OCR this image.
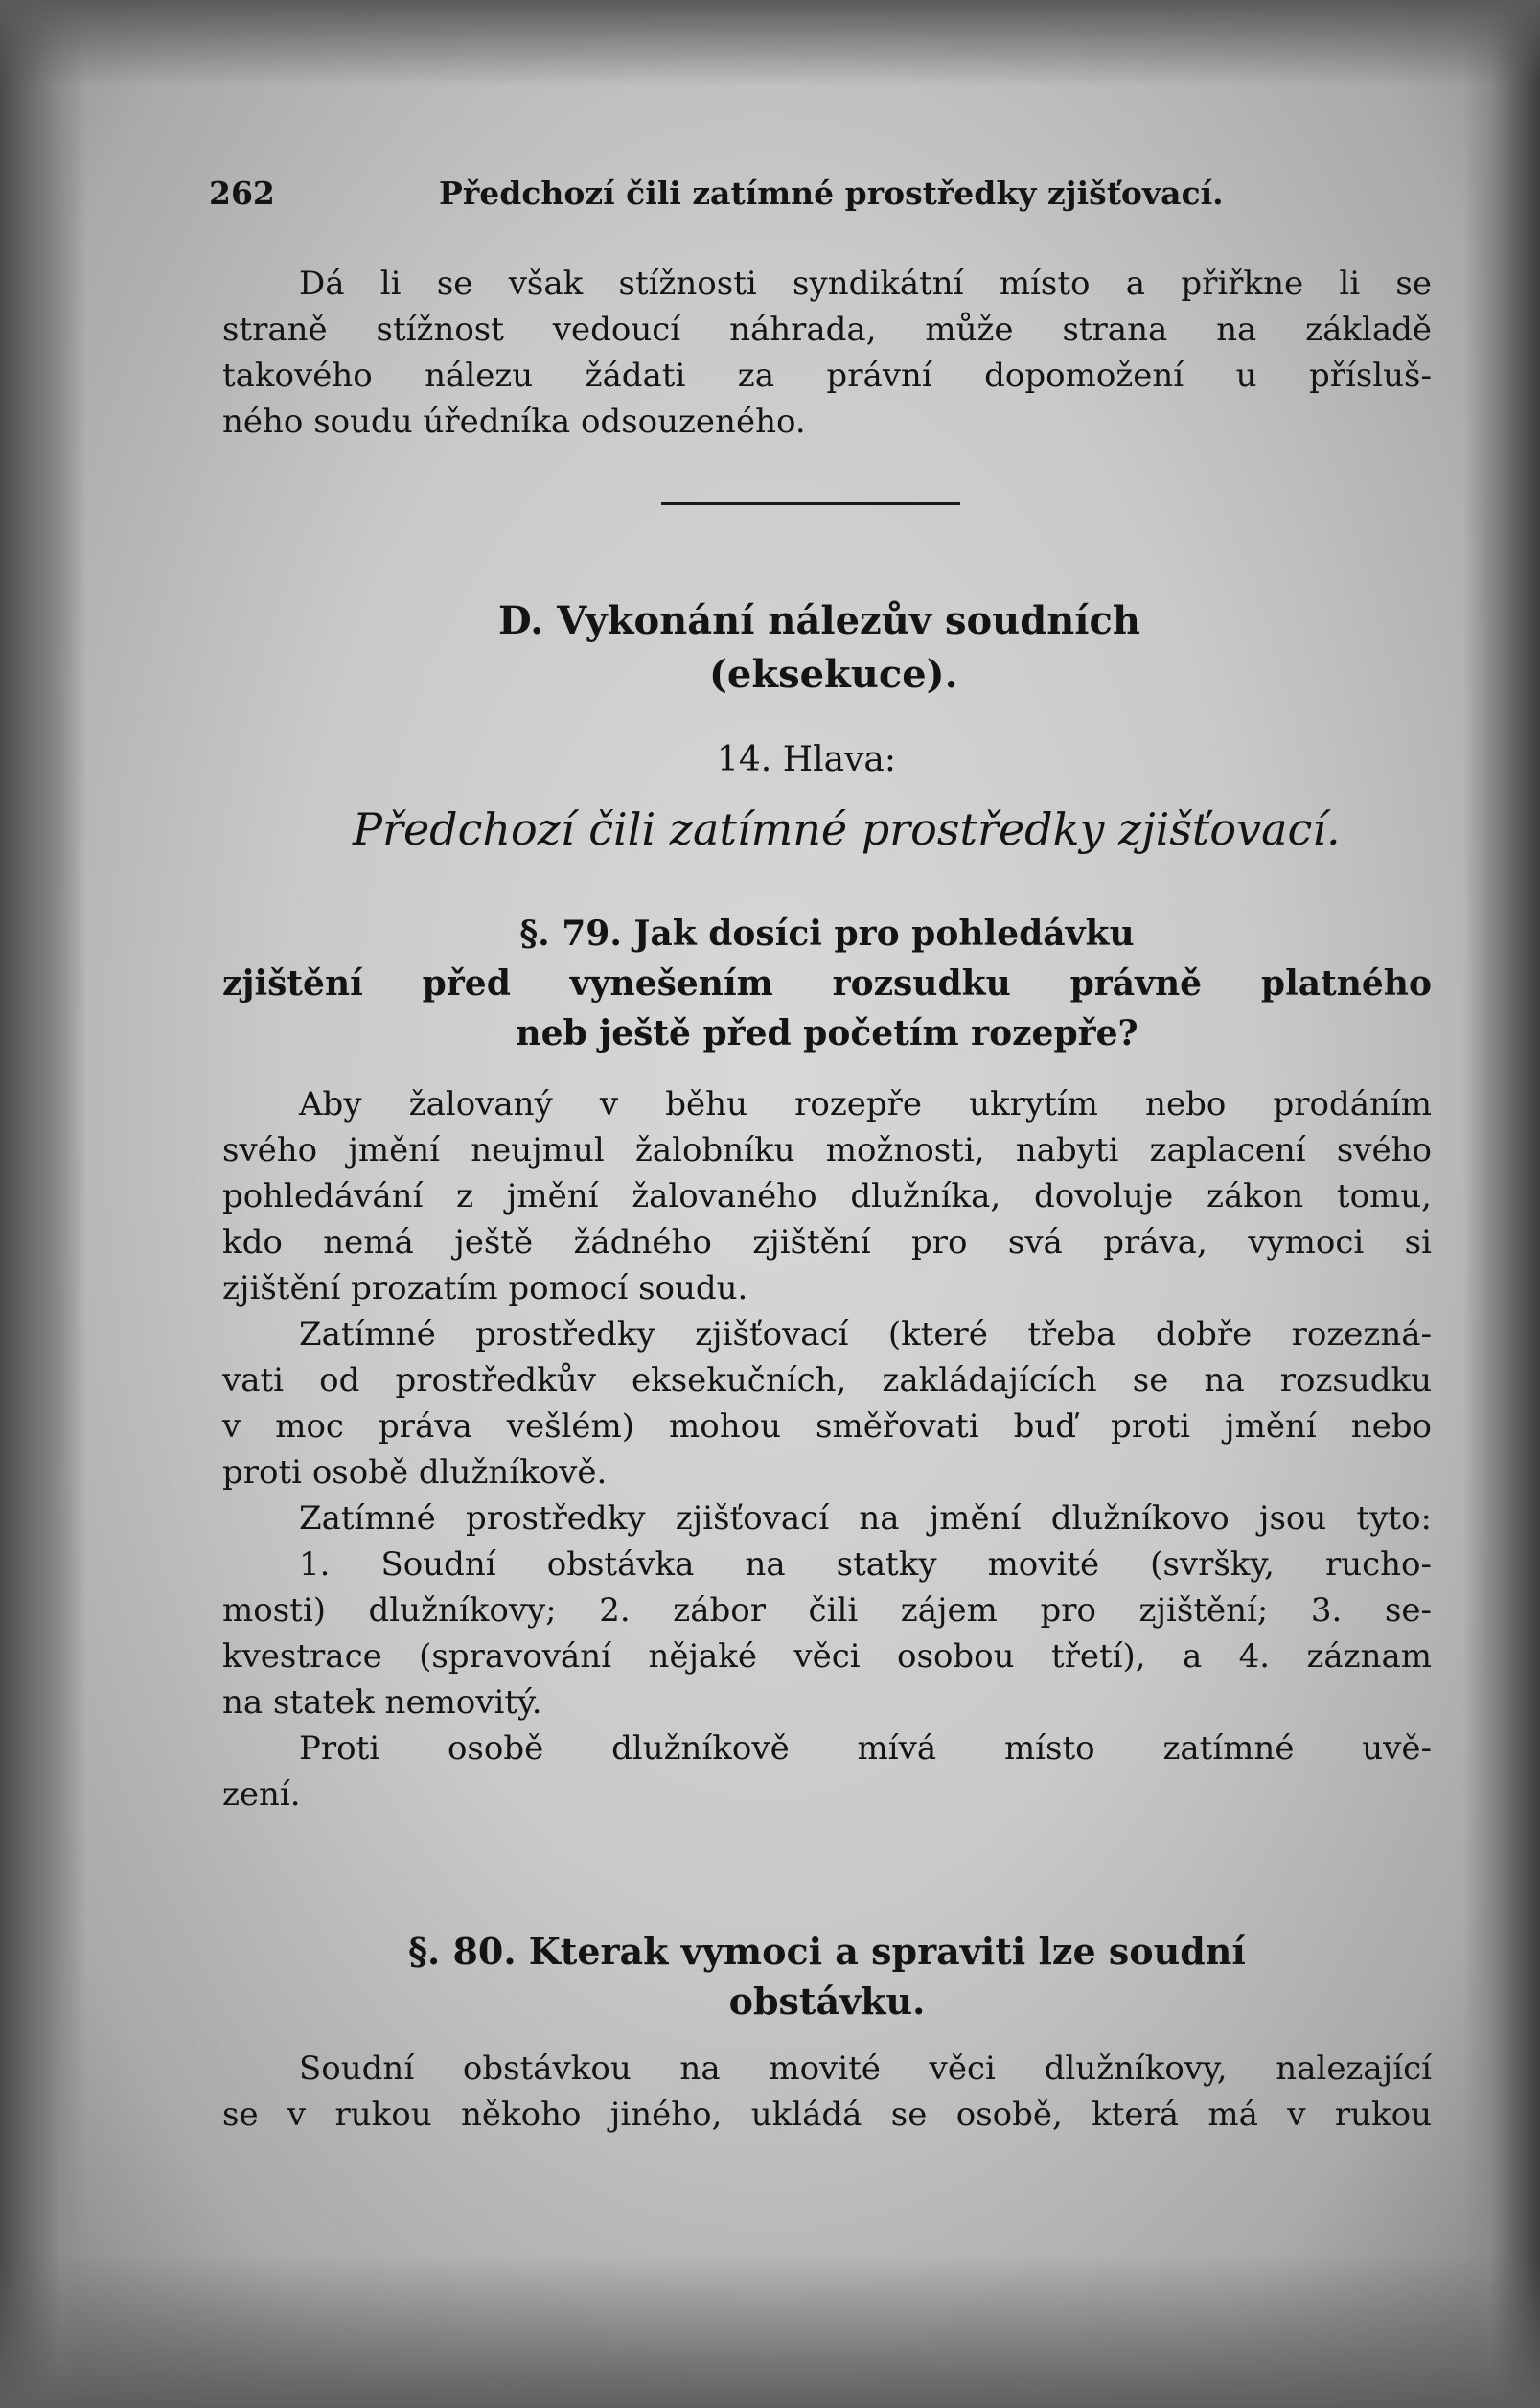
262	Předchozí čili zatímné prostředky zjišťovací.
Dá li se však stížnosti syndikátní místo a přiřkne li se
straně stížnost vedoucí náhrada, může strana na základě
takového nálezu žádati za právní dopomožení u přísluš-
ného soudu úředníka odsouzeného.
D. Vykonání nálezův soudních
(eksekuce).
14. Hlava:
Předchozí čili zatímné prostředky zjišťovací.
§. 79. Jak dosíci pro pohledávku
zjištění před vynešením rozsudku právně platného
neb ještě před početím rozepře?
Aby žalovaný v běhu rozepře ukrytím nebo prodáním
svého jmění neujmul žalobníku možnosti, nabyti zaplacení svého
pohledávání z jmění žalovaného dlužníka, dovoluje zákon tomu,
kdo nemá ještě žádného zjištění pro svá práva, vymoci si
zjištění prozatím pomocí soudu.
Zatímné prostředky zjišťovací (které třeba dobře rozezná-
vati od prostředkův eksekučních, zakládajících se na rozsudku
v moc práva vešlém) mohou směřovati buď proti jmění nebo
proti osobě dlužníkově.
Zatímné prostředky zjišťovací na jmění dlužníkovo jsou tyto:
1. Soudní obstávka na statky movité (svršky, rucho-
mosti) dlužníkovy; 2. zábor čili zájem pro zjištění; 3. se-
kvestrace (spravování nějaké věci osobou třetí), a 4. záznam
na statek nemovitý.
Proti osobě dlužníkově mívá místo zatímné uvě-
zení.
§. 80. Kterak vymoci a spraviti lze soudní
obstávku.
Soudní obstávkou na movité věci dlužníkovy, nalezající
se v rukou někoho jiného, ukládá se osobě, která má v rukou
